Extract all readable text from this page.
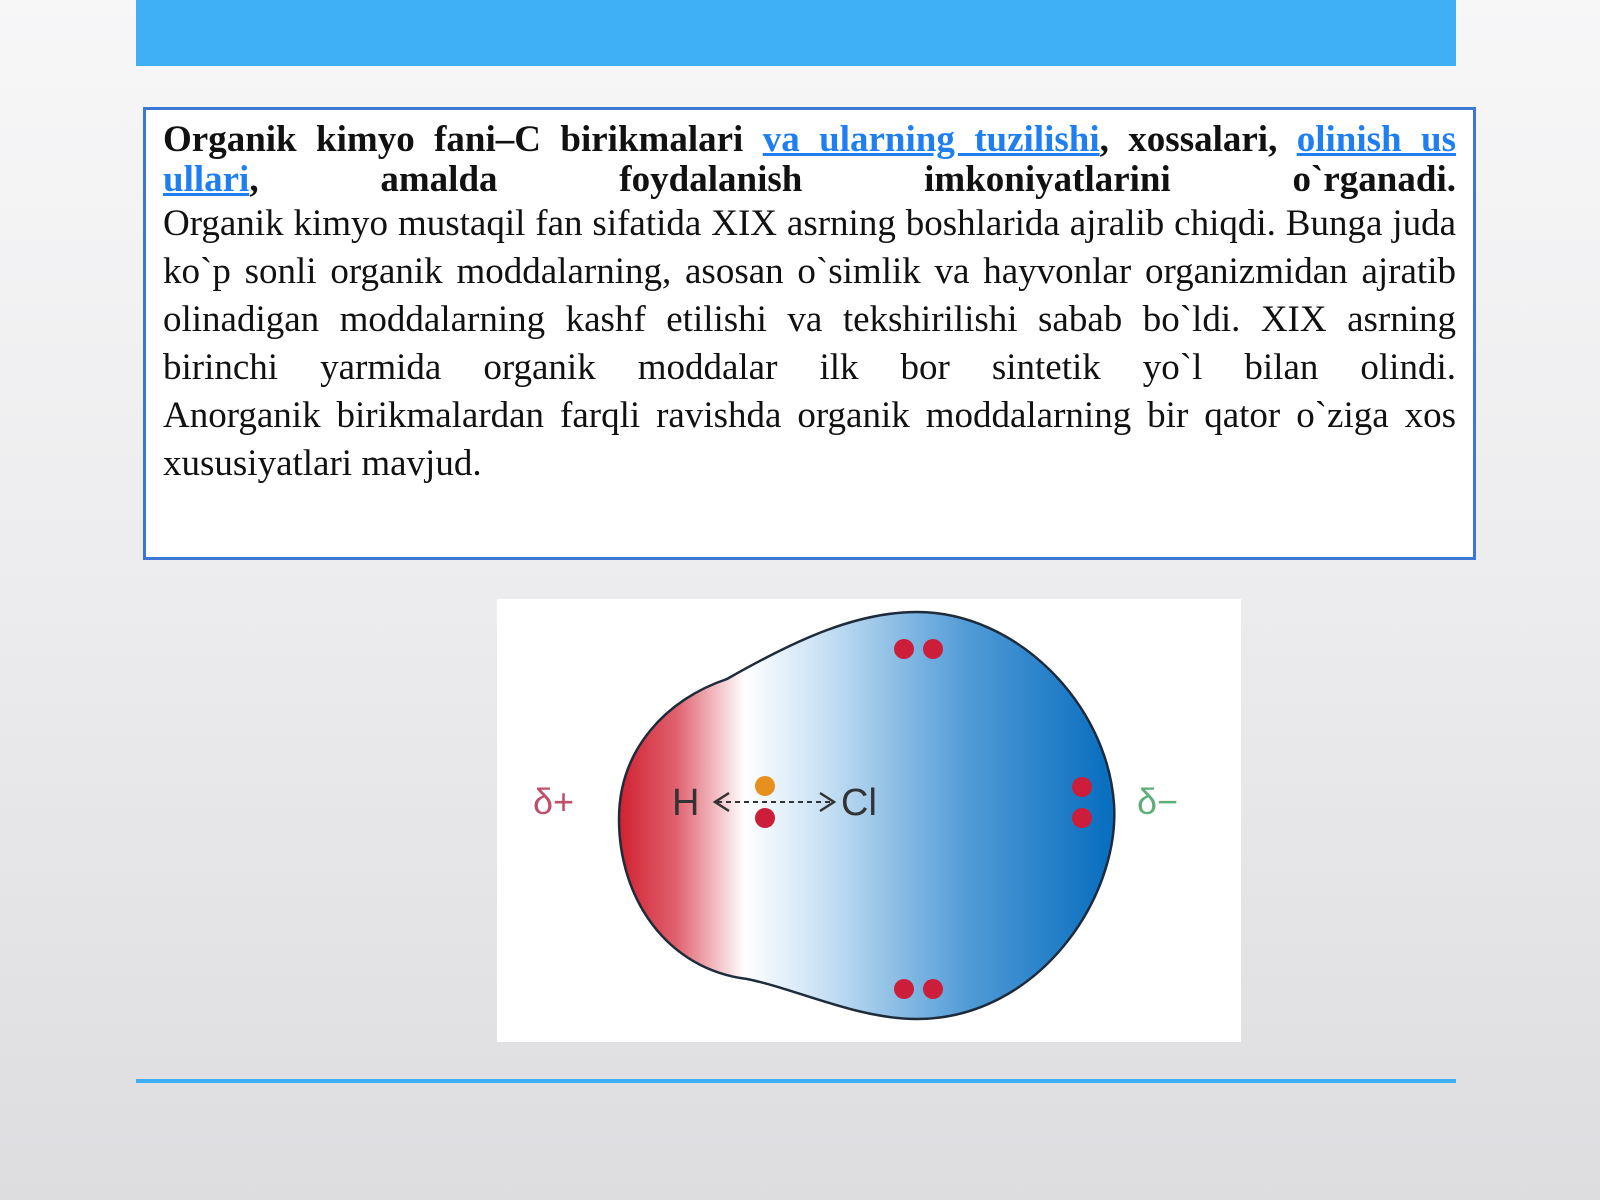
Organik kimyo fani–C birikmalari va ularning tuzilishi, xossalari, olinish us ullari, amalda foydalanish imkoniyatlarini o`rganadi.

Organik kimyo mustaqil fan sifatida XIX asrning boshlarida ajralib chiqdi. Bunga juda ko`p sonli organik moddalarning, asosan o`simlik va hayvonlar organizmidan ajratib olinadigan moddalarning kashf etilishi va tekshirilishi sabab bo`ldi. XIX asrning birinchi yarmida organik moddalar ilk bor sintetik yo`l bilan olindi.

Anorganik birikmalardan farqli ravishda organik moddalarning bir qator o`ziga xos xususiyatlari mavjud.

δ+	H	Cl	δ−
